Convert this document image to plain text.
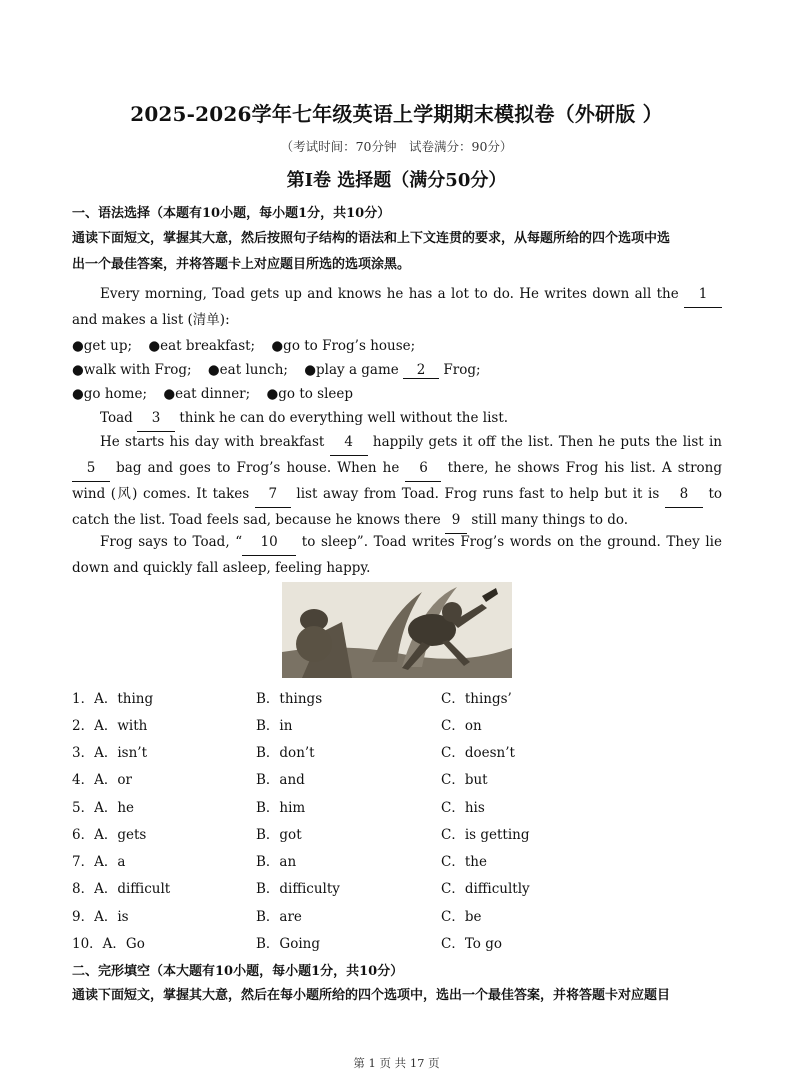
2025-2026学年七年级英语上学期期末模拟卷（外研版 ）
（考试时间：70分钟　试卷满分：90分）
第Ⅰ卷 选择题（满分50分）
一、语法选择（本题有10小题，每小题1分，共10分）
通读下面短文，掌握其大意，然后按照句子结构的语法和上下文连贯的要求，从每题所给的四个选项中选
出一个最佳答案，并将答题卡上对应题目所选的选项涂黑。
Every morning, Toad gets up and knows he has a lot to do. He writes down all the 1 and makes a list (清单):
●get up; ●eat breakfast; ●go to Frog’s house;
●walk with Frog; ●eat lunch; ●play a game 2 Frog;
●go home; ●eat dinner; ●go to sleep
Toad 3 think he can do everything well without the list.
He starts his day with breakfast 4 happily gets it off the list. Then he puts the list in 5 bag and goes to Frog’s house. When he 6 there, he shows Frog his list. A strong wind (风) comes. It takes 7 list away from Toad. Frog runs fast to help but it is 8 to catch the list. Toad feels sad, because he knows there 9 still many things to do.
Frog says to Toad, “ 10 to sleep”. Toad writes Frog’s words on the ground. They lie down and quickly fall asleep, feeling happy.
1．A．thing	B．things	C．things’
2．A．with	B．in	C．on
3．A．isn’t	B．don’t	C．doesn’t
4．A．or	B．and	C．but
5．A．he	B．him	C．his
6．A．gets	B．got	C．is getting
7．A．a	B．an	C．the
8．A．difficult	B．difficulty	C．difficultly
9．A．is	B．are	C．be
10．A．Go	B．Going	C．To go
二、完形填空（本大题有10小题，每小题1分，共10分）
通读下面短文，掌握其大意，然后在每小题所给的四个选项中，选出一个最佳答案，并将答题卡对应题目
第 1 页 共 17 页
